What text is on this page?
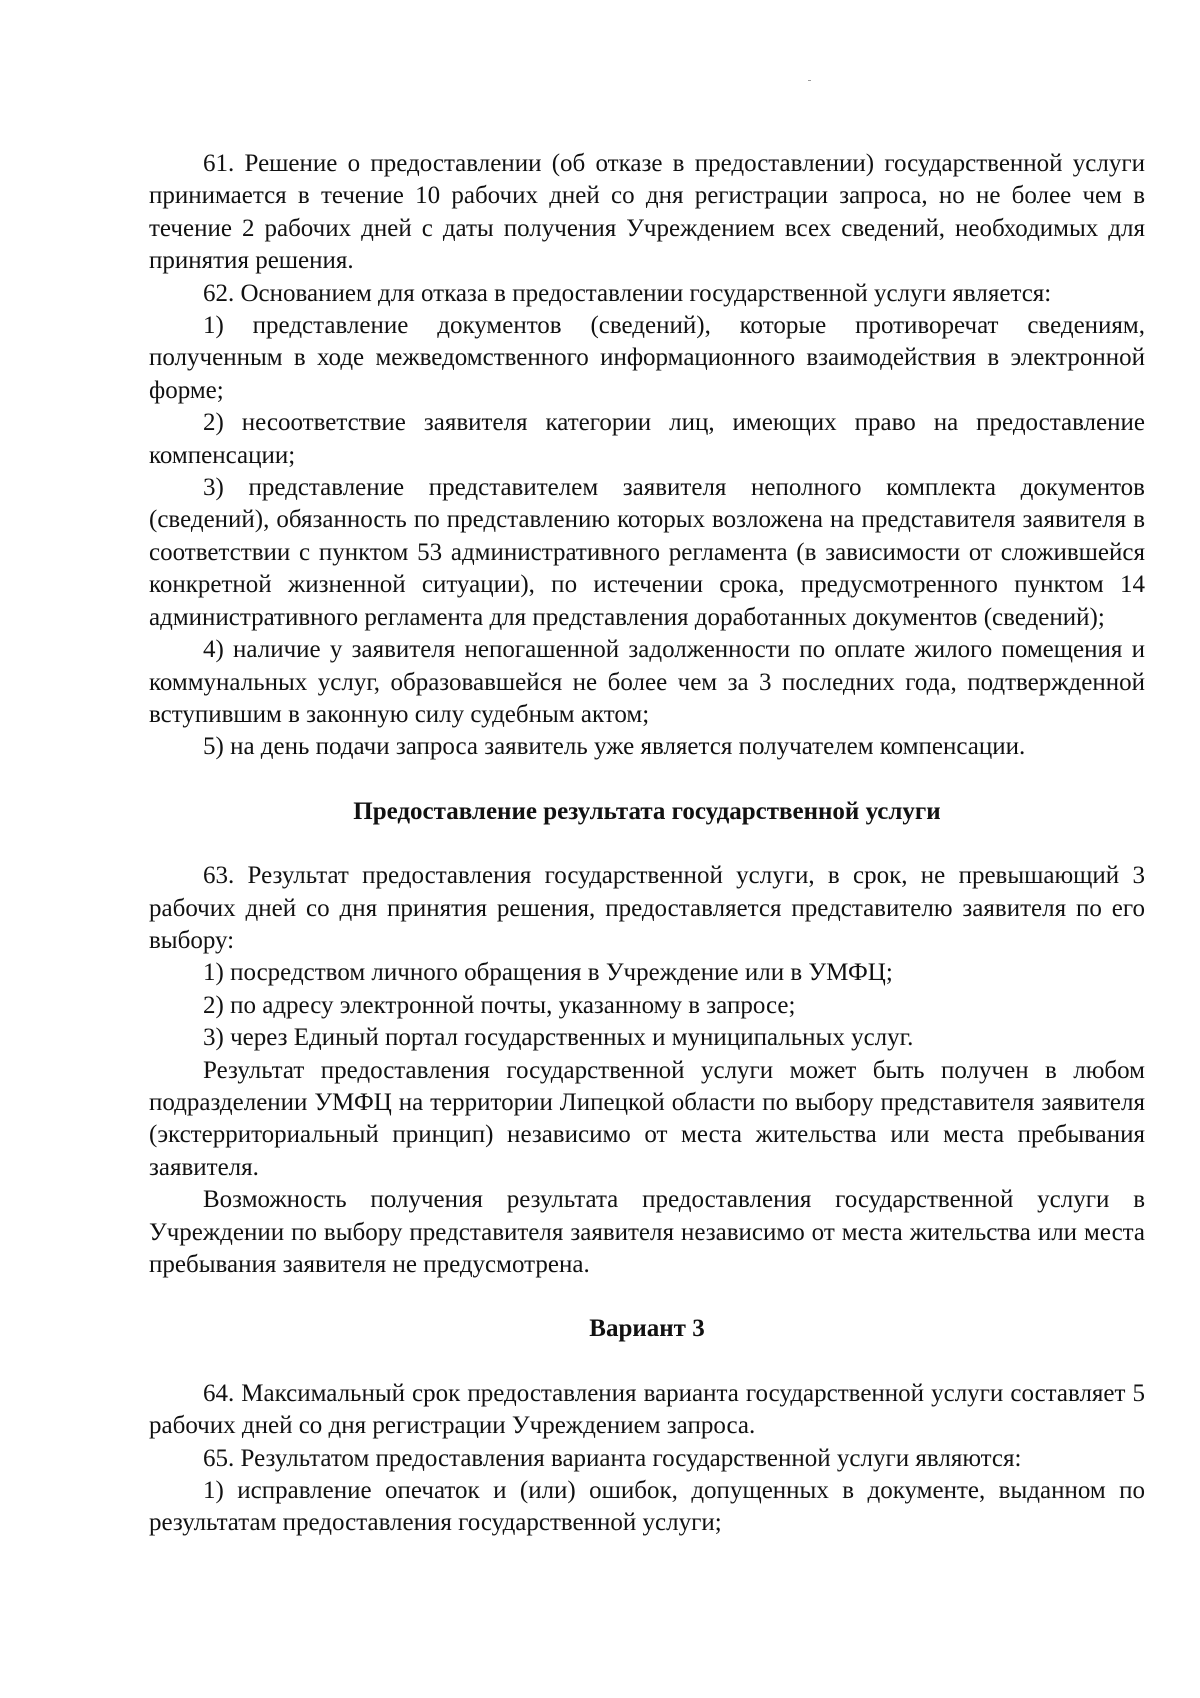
61. Решение о предоставлении (об отказе в предоставлении) государственной услуги принимается в течение 10 рабочих дней со дня регистрации запроса, но не более чем в течение 2 рабочих дней с даты получения Учреждением всех сведений, необходимых для принятия решения.

62. Основанием для отказа в предоставлении государственной услуги является:

1) представление документов (сведений), которые противоречат сведениям, полученным в ходе межведомственного информационного взаимодействия в электронной форме;

2) несоответствие заявителя категории лиц, имеющих право на предоставление компенсации;

3) представление представителем заявителя неполного комплекта документов (сведений), обязанность по представлению которых возложена на представителя заявителя в соответствии с пунктом 53 административного регламента (в зависимости от сложившейся конкретной жизненной ситуации), по истечении срока, предусмотренного пунктом 14 административного регламента для представления доработанных документов (сведений);

4) наличие у заявителя непогашенной задолженности по оплате жилого помещения и коммунальных услуг, образовавшейся не более чем за 3 последних года, подтвержденной вступившим в законную силу судебным актом;

5) на день подачи запроса заявитель уже является получателем компенсации.

Предоставление результата государственной услуги

63. Результат предоставления государственной услуги, в срок, не превышающий 3 рабочих дней со дня принятия решения, предоставляется представителю заявителя по его выбору:

1) посредством личного обращения в Учреждение или в УМФЦ;

2) по адресу электронной почты, указанному в запросе;

3) через Единый портал государственных и муниципальных услуг.

Результат предоставления государственной услуги может быть получен в любом подразделении УМФЦ на территории Липецкой области по выбору представителя заявителя (экстерриториальный принцип) независимо от места жительства или места пребывания заявителя.

Возможность получения результата предоставления государственной услуги в Учреждении по выбору представителя заявителя независимо от места жительства или места пребывания заявителя не предусмотрена.

Вариант 3

64. Максимальный срок предоставления варианта государственной услуги составляет 5 рабочих дней со дня регистрации Учреждением запроса.

65. Результатом предоставления варианта государственной услуги являются:

1) исправление опечаток и (или) ошибок, допущенных в документе, выданном по результатам предоставления государственной услуги;
